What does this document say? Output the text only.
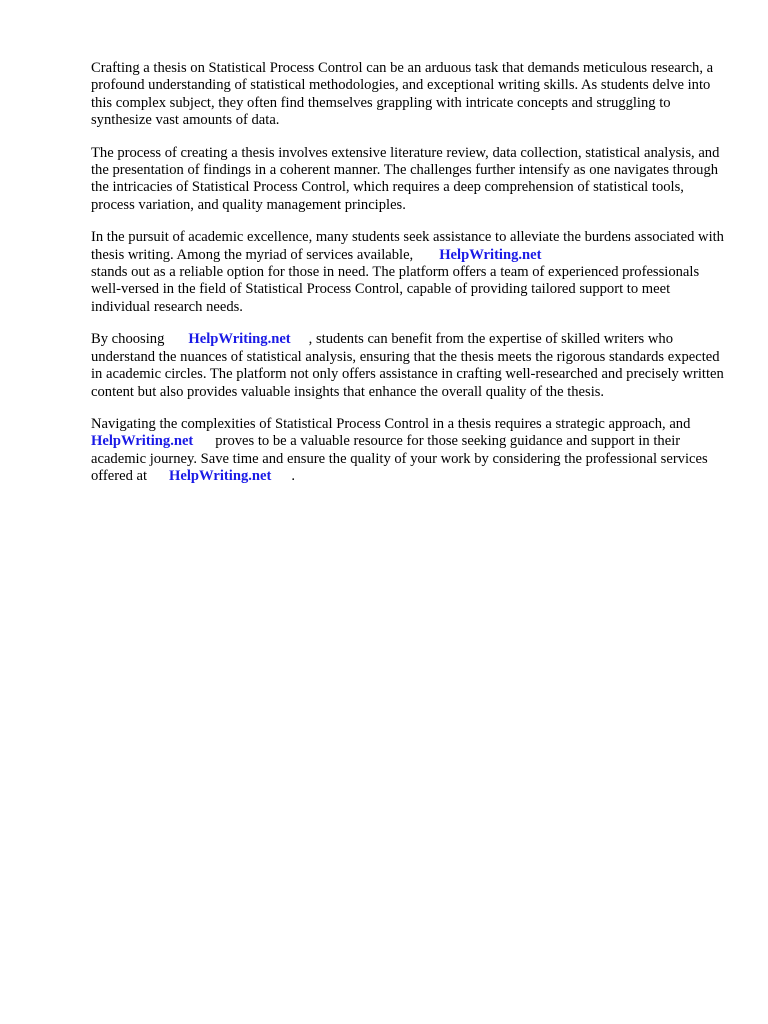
Crafting a thesis on Statistical Process Control can be an arduous task that demands meticulous research, a profound understanding of statistical methodologies, and exceptional writing skills. As students delve into this complex subject, they often find themselves grappling with intricate concepts and struggling to synthesize vast amounts of data.

The process of creating a thesis involves extensive literature review, data collection, statistical analysis, and the presentation of findings in a coherent manner. The challenges further intensify as one navigates through the intricacies of Statistical Process Control, which requires a deep comprehension of statistical tools, process variation, and quality management principles.

In the pursuit of academic excellence, many students seek assistance to alleviate the burdens associated with thesis writing. Among the myriad of services available, HelpWriting.net
stands out as a reliable option for those in need. The platform offers a team of experienced professionals well-versed in the field of Statistical Process Control, capable of providing tailored support to meet individual research needs.

By choosing HelpWriting.net , students can benefit from the expertise of skilled writers who understand the nuances of statistical analysis, ensuring that the thesis meets the rigorous standards expected in academic circles. The platform not only offers assistance in crafting well-researched and precisely written content but also provides valuable insights that enhance the overall quality of the thesis.

Navigating the complexities of Statistical Process Control in a thesis requires a strategic approach, andHelpWriting.net proves to be a valuable resource for those seeking guidance and support in their academic journey. Save time and ensure the quality of your work by considering the professional services offered at HelpWriting.net .
